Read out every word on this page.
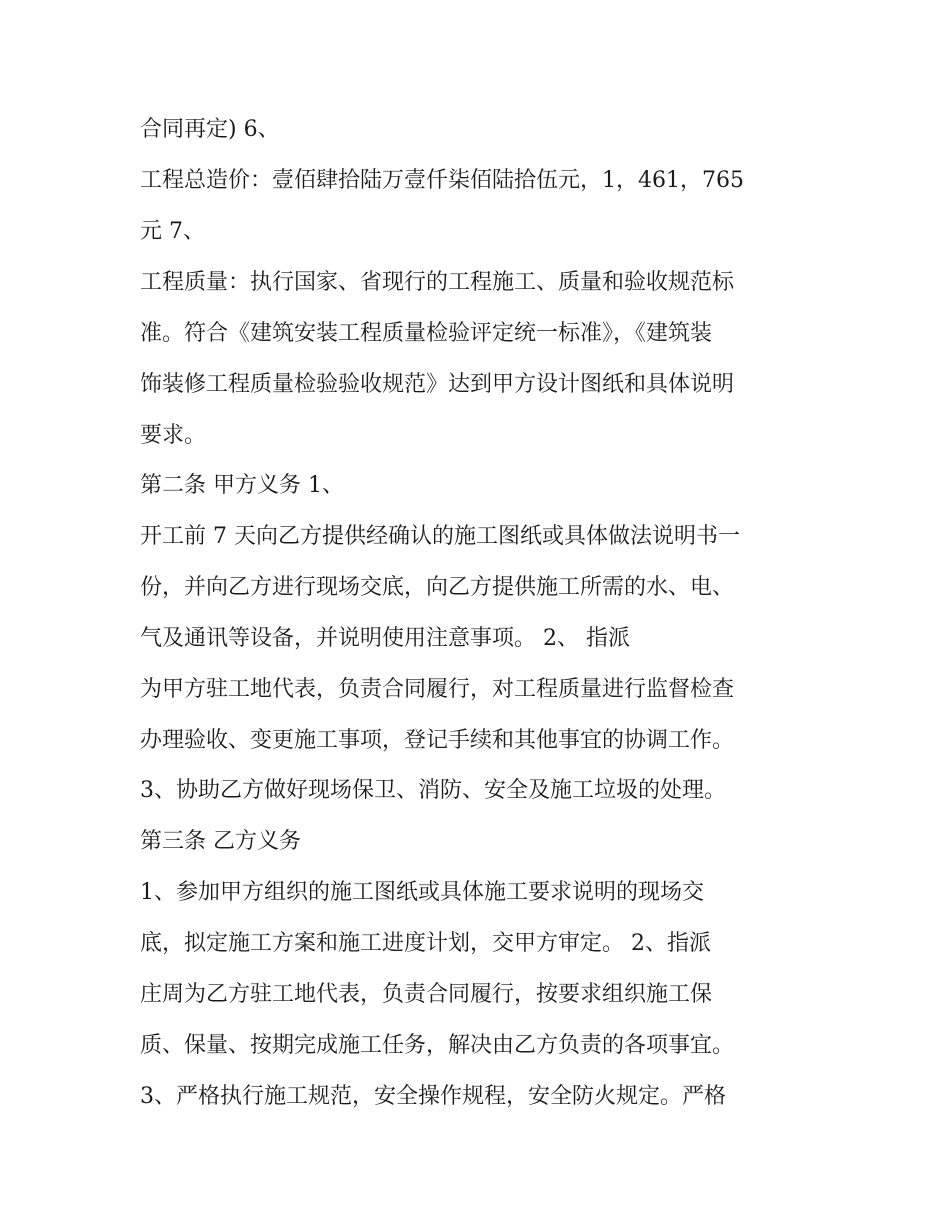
合同再定) 6、
工程总造价：壹佰肆拾陆万壹仟柒佰陆拾伍元，1，461，765
元 7、
工程质量：执行国家、省现行的工程施工、质量和验收规范标
准。符合《建筑安装工程质量检验评定统一标准》，《建筑装
饰装修工程质量检验验收规范》达到甲方设计图纸和具体说明
要求。
第二条 甲方义务 1、
开工前 7 天向乙方提供经确认的施工图纸或具体做法说明书一
份，并向乙方进行现场交底，向乙方提供施工所需的水、电、
气及通讯等设备，并说明使用注意事项。 2、 指派
为甲方驻工地代表，负责合同履行，对工程质量进行监督检查
办理验收、变更施工事项，登记手续和其他事宜的协调工作。
3、协助乙方做好现场保卫、消防、安全及施工垃圾的处理。
第三条 乙方义务
1、参加甲方组织的施工图纸或具体施工要求说明的现场交
底，拟定施工方案和施工进度计划，交甲方审定。 2、指派
庄周为乙方驻工地代表，负责合同履行，按要求组织施工保
质、保量、按期完成施工任务，解决由乙方负责的各项事宜。
3、严格执行施工规范，安全操作规程，安全防火规定。严格
